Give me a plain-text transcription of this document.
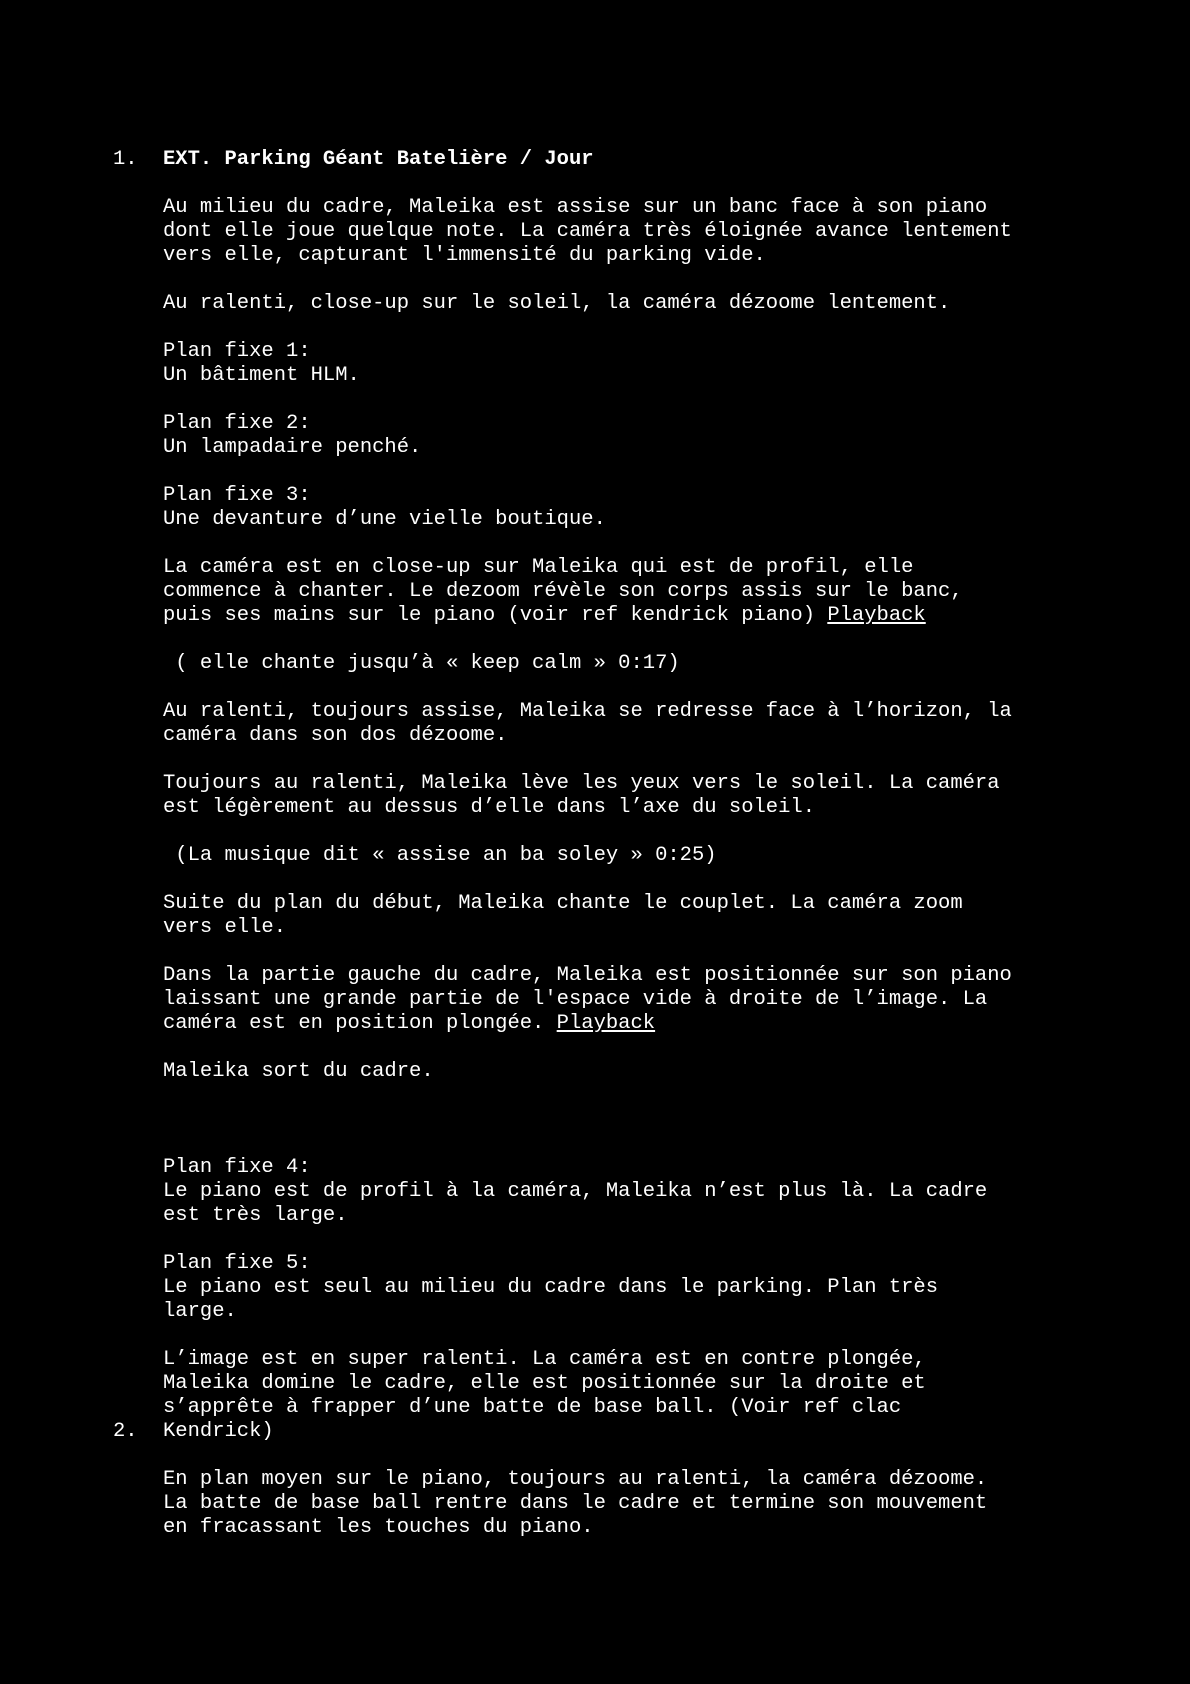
1.
2.
EXT. Parking Géant Batelière / Jour
Au milieu du cadre, Maleika est assise sur un banc face à son piano
dont elle joue quelque note. La caméra très éloignée avance lentement
vers elle, capturant l'immensité du parking vide.
Au ralenti, close-up sur le soleil, la caméra dézoome lentement.
Plan fixe 1:
Un bâtiment HLM.
Plan fixe 2:
Un lampadaire penché.
Plan fixe 3:
Une devanture d’une vielle boutique.
La caméra est en close-up sur Maleika qui est de profil, elle
commence à chanter. Le dezoom révèle son corps assis sur le banc,
puis ses mains sur le piano (voir ref kendrick piano) Playback
( elle chante jusqu’à « keep calm » 0:17)
Au ralenti, toujours assise, Maleika se redresse face à l’horizon, la
caméra dans son dos dézoome.
Toujours au ralenti, Maleika lève les yeux vers le soleil. La caméra
est légèrement au dessus d’elle dans l’axe du soleil.
(La musique dit « assise an ba soley » 0:25)
Suite du plan du début, Maleika chante le couplet. La caméra zoom
vers elle.
Dans la partie gauche du cadre, Maleika est positionnée sur son piano
laissant une grande partie de l'espace vide à droite de l’image. La
caméra est en position plongée. Playback
Maleika sort du cadre.
Plan fixe 4:
Le piano est de profil à la caméra, Maleika n’est plus là. La cadre
est très large.
Plan fixe 5:
Le piano est seul au milieu du cadre dans le parking. Plan très
large.
L’image est en super ralenti. La caméra est en contre plongée,
Maleika domine le cadre, elle est positionnée sur la droite et
s’apprête à frapper d’une batte de base ball. (Voir ref clac
Kendrick)
En plan moyen sur le piano, toujours au ralenti, la caméra dézoome.
La batte de base ball rentre dans le cadre et termine son mouvement
en fracassant les touches du piano.
